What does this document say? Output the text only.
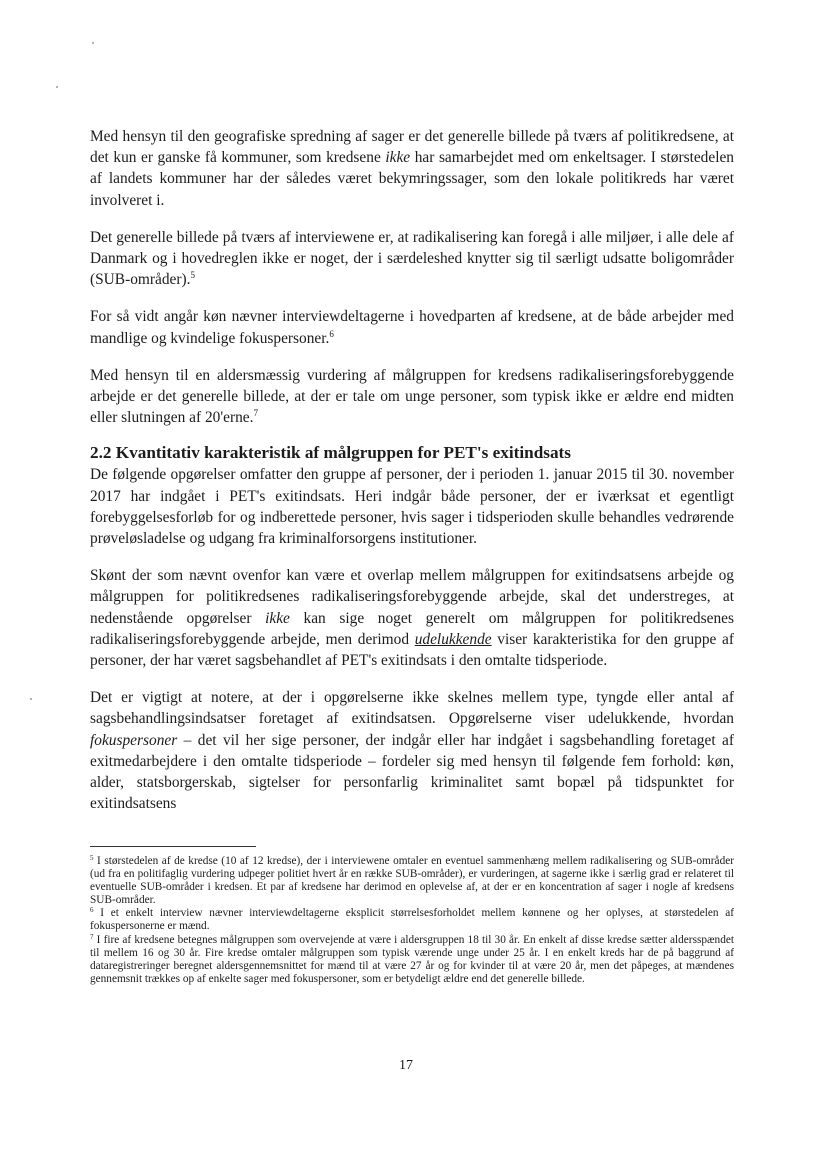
Med hensyn til den geografiske spredning af sager er det generelle billede på tværs af politikredsene, at det kun er ganske få kommuner, som kredsene ikke har samarbejdet med om enkeltsager. I størstedelen af landets kommuner har der således været bekymringssager, som den lokale politikreds har været involveret i.

Det generelle billede på tværs af interviewene er, at radikalisering kan foregå i alle miljøer, i alle dele af Danmark og i hovedreglen ikke er noget, der i særdeleshed knytter sig til særligt udsatte boligområder (SUB-områder).$^5$

For så vidt angår køn nævner interviewdeltagerne i hovedparten af kredsene, at de både arbejder med mandlige og kvindelige fokuspersoner.$^6$

Med hensyn til en aldersmæssig vurdering af målgruppen for kredsens radikaliseringsforebyggende arbejde er det generelle billede, at der er tale om unge personer, som typisk ikke er ældre end midten eller slutningen af 20'erne.$^7$

2.2 Kvantitativ karakteristik af målgruppen for PET's exitindsats

De følgende opgørelser omfatter den gruppe af personer, der i perioden 1. januar 2015 til 30. november 2017 har indgået i PET's exitindsats. Heri indgår både personer, der er iværksat et egentligt forebyggelsesforløb for og indberettede personer, hvis sager i tidsperioden skulle behandles vedrørende prøveløsladelse og udgang fra kriminalforsorgens institutioner.

Skønt der som nævnt ovenfor kan være et overlap mellem målgruppen for exitindsatsens arbejde og målgruppen for politikredsenes radikaliseringsforebyggende arbejde, skal det understreges, at nedenstående opgørelser ikke kan sige noget generelt om målgruppen for politikredsenes radikaliseringsforebyggende arbejde, men derimod udelukkende viser karakteristika for den gruppe af personer, der har været sagsbehandlet af PET's exitindsats i den omtalte tidsperiode.

Det er vigtigt at notere, at der i opgørelserne ikke skelnes mellem type, tyngde eller antal af sagsbehandlingsindsatser foretaget af exitindsatsen. Opgørelserne viser udelukkende, hvordan fokuspersoner – det vil her sige personer, der indgår eller har indgået i sagsbehandling foretaget af exitmedarbejdere i den omtalte tidsperiode – fordeler sig med hensyn til følgende fem forhold: køn, alder, statsborgerskab, sigtelser for personfarlig kriminalitet samt bopæl på tidspunktet for exitindsatsens

$^5$ I størstedelen af de kredse (10 af 12 kredse), der i interviewene omtaler en eventuel sammenhæng mellem radikalisering og SUB-områder (ud fra en politifaglig vurdering udpeger politiet hvert år en række SUB-områder), er vurderingen, at sagerne ikke i særlig grad er relateret til eventuelle SUB-områder i kredsen. Et par af kredsene har derimod en oplevelse af, at der er en koncentration af sager i nogle af kredsens SUB-områder.

$^6$ I et enkelt interview nævner interviewdeltagerne eksplicit størrelsesforholdet mellem kønnene og her oplyses, at størstedelen af fokuspersonerne er mænd.

$^7$ I fire af kredsene betegnes målgruppen som overvejende at være i aldersgruppen 18 til 30 år. En enkelt af disse kredse sætter aldersspændet til mellem 16 og 30 år. Fire kredse omtaler målgruppen som typisk værende unge under 25 år. I en enkelt kreds har de på baggrund af dataregistreringer beregnet aldersgennemsnittet for mænd til at være 27 år og for kvinder til at være 20 år, men det påpeges, at mændenes gennemsnit trækkes op af enkelte sager med fokuspersoner, som er betydeligt ældre end det generelle billede.

17
